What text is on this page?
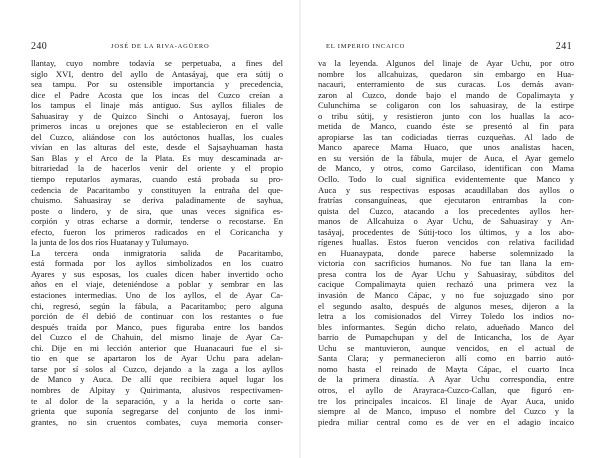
240	JOSÉ DE LA RIVA-AGÜERO
llantay, cuyo nombre todavía se perpetuaba, a fines del
siglo XVI, dentro del ayllo de Antasáyaj, que era sútij o
sea tampu. Por su ostensible importancia y precedencia,
dice el Padre Acosta que los incas del Cuzco creían a
los tampus el linaje más antiguo. Sus ayllos filiales de
Sahuasiray y de Quizco Sinchi o Antosayaj, fueron los
primeros incas u orejones que se establecieron en el valle
del Cuzco, aliándose con los autóctonos huallas, los cuales
vivían en las alturas del este, desde el Sajsayhuaman hasta
San Blas y el Arco de la Plata. Es muy descaminada ar-
bitrariedad la de hacerlos venir del oriente y el propio
tiempo reputarlos aymaras, cuando está probada su pro-
cedencia de Pacaritambo y constituyen la entraña del que-
chuismo. Sahuasiray se deriva paladinamente de sayhua,
poste o lindero, y de sira, que unas veces significa es-
corpión y otras echarse a dormir, tenderse o recostarse. En
efecto, fueron los primeros radicados en el Coricancha y
la junta de los dos ríos Huatanay y Tulumayo.
La tercera onda inmigratoria salida de Pacaritambo,
está formada por los ayllos simbolizados en los cuatro
Ayares y sus esposas, los cuales dicen haber invertido ocho
años en el viaje, deteniéndose a poblar y sembrar en las
estaciones intermedias. Uno de los ayllos, el de Ayar Ca-
chi, regresó, según la fábula, a Pacaritambo; pero alguna
porción de él debió de continuar con los restantes o fue
después traída por Manco, pues figuraba entre los bandos
del Cuzco el de Chahuin, del mismo linaje de Ayar Ca-
chi. Dije en mi lección anterior que Huanacauri fue el si-
tio en que se apartaron los de Ayar Uchu para adelan-
tarse por sí solos al Cuzco, dejando a la zaga a los ayllos
de Manco y Auca. De allí que recibiera aquel lugar los
nombres de Alpitay y Quirimanta, alusivos respectivamen-
te al dolor de la separación, y a la herida o corte san-
grienta que suponía segregarse del conjunto de los inmi-
grantes, no sin cruentos combates, cuya memoria conser-
EL IMPERIO INCAICO	241
va la leyenda. Algunos del linaje de Ayar Uchu, por otro
nombre los allcahuizas, quedaron sin embargo en Hua-
nacauri, enterramiento de sus curacas. Los demás avan-
zaron al Cuzco, donde bajo el mando de Copalimayta y
Culunchima se coligaron con los sahuasiray, de la estirpe
o tribu sútij, y resistieron junto con los huallas la aco-
metida de Manco, cuando éste se presentó al fin para
apropiarse las tan codiciadas tierras cuzqueñas. Al lado de
Manco aparece Mama Huaco, que unos analistas hacen,
en su versión de la fábula, mujer de Auca, el Ayar gemelo
de Manco, y otros, como Garcilaso, identifican con Mama
Ocllo. Todo lo cual significa evidentemente que Manco y
Auca y sus respectivas esposas acaudillaban dos ayllos o
fratrías consanguíneas, que ejecutaron entrambas la con-
quista del Cuzco, atacando a los precedentes ayllos her-
manos de Allcahuiza o Ayar Uchu, de Sahuasiray y An-
tasáyaj, procedentes de Sútij-toco los últimos, y a los abo-
rígenes huallas. Estos fueron vencidos con relativa facilidad
en Huanaypata, donde parece haberse solemnizado la
victoria con sacrificios humanos. No fue tan llana la em-
presa contra los de Ayar Uchu y Sahuasiray, súbditos del
cacique Compalimayta quien rechazó una primera vez la
invasión de Manco Cápac, y no fue sojuzgado sino por
el segundo asalto, después de algunos meses, dijeron a la
letra a los comisionados del Virrey Toledo los indios no-
bles informantes. Según dicho relato, adueñado Manco del
barrio de Pumapchupan y del de Inticancha, los de Ayar
Uchu se mantuvieron, aunque vencidos, en el actual de
Santa Clara; y permanecieron allí como en barrio autó-
nomo hasta el reinado de Mayta Cápac, el cuarto Inca
de la primera dinastía. A Ayar Uchu correspondía, entre
otros, el ayllo de Arayraca-Cuzco-Callan, que figuró en-
tre los principales incaicos. El linaje de Ayar Auca, unido
siempre al de Manco, impuso el nombre del Cuzco y la
piedra miliar central como es de ver en el adagio incaico
